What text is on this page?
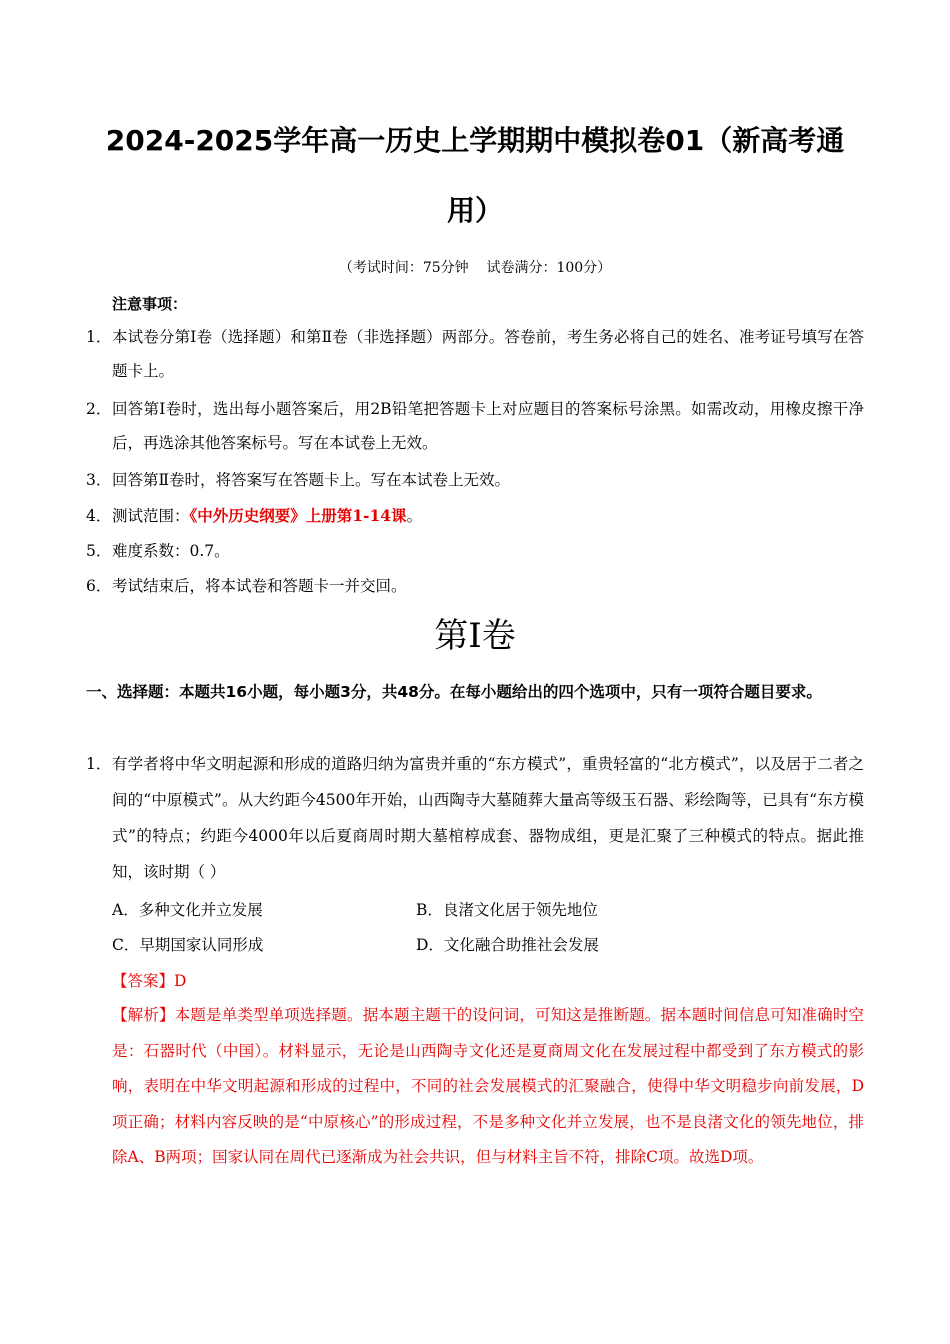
2024-2025学年高一历史上学期期中模拟卷01（新高考通
用）
（考试时间：75分钟    试卷满分：100分）
注意事项：
1． 本试卷分第Ⅰ卷（选择题）和第Ⅱ卷（非选择题）两部分。答卷前，考生务必将自己的姓名、准考证号填写在答题卡上。
2． 回答第Ⅰ卷时，选出每小题答案后，用2B铅笔把答题卡上对应题目的答案标号涂黑。如需改动，用橡皮擦干净后，再选涂其他答案标号。写在本试卷上无效。
3． 回答第Ⅱ卷时，将答案写在答题卡上。写在本试卷上无效。
4． 测试范围：《中外历史纲要》上册第1-14课。
5． 难度系数：0.7。
6． 考试结束后，将本试卷和答题卡一并交回。
第Ⅰ卷
一、选择题：本题共16小题，每小题3分，共48分。在每小题给出的四个选项中，只有一项符合题目要求。
1． 有学者将中华文明起源和形成的道路归纳为富贵并重的“东方模式”，重贵轻富的“北方模式”，以及居于二者之间的“中原模式”。从大约距今4500年开始，山西陶寺大墓随葬大量高等级玉石器、彩绘陶等，已具有“东方模式”的特点；约距今4000年以后夏商周时期大墓棺椁成套、器物成组，更是汇聚了三种模式的特点。据此推知，该时期（ ）
A．多种文化并立发展	B．良渚文化居于领先地位
C．早期国家认同形成	D．文化融合助推社会发展
【答案】D
【解析】本题是单类型单项选择题。据本题主题干的设问词，可知这是推断题。据本题时间信息可知准确时空是：石器时代（中国）。材料显示，无论是山西陶寺文化还是夏商周文化在发展过程中都受到了东方模式的影响，表明在中华文明起源和形成的过程中，不同的社会发展模式的汇聚融合，使得中华文明稳步向前发展，D项正确；材料内容反映的是“中原核心”的形成过程，不是多种文化并立发展，也不是良渚文化的领先地位，排除A、B两项；国家认同在周代已逐渐成为社会共识，但与材料主旨不符，排除C项。故选D项。
